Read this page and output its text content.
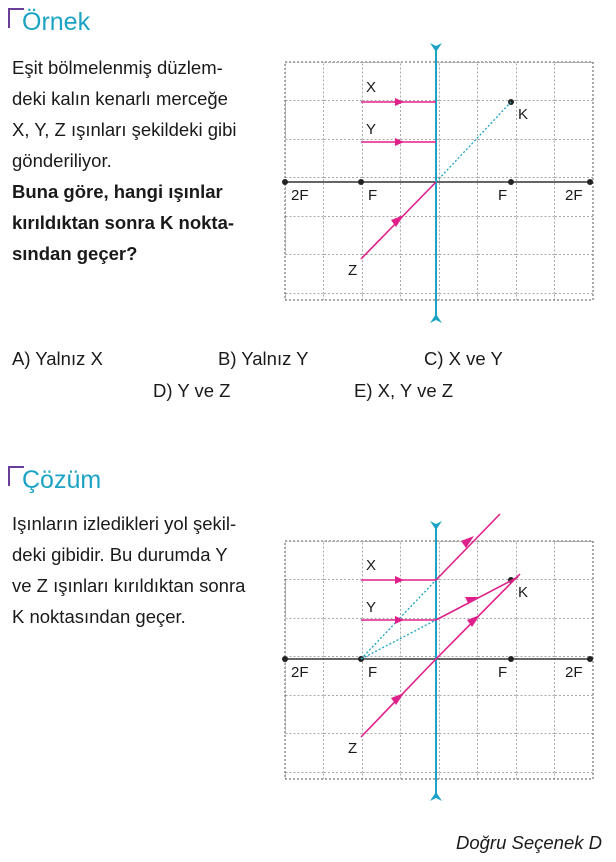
Örnek
Eşit bölmelenmiş düzlem-
deki kalın kenarlı merceğe
X, Y, Z ışınları şekildeki gibi
gönderiliyor.
Buna göre, hangi ışınlar
kırıldıktan sonra K nokta-
sından geçer?
A) Yalnız X	B) Yalnız Y	C) X ve Y
D) Y ve Z	E) X, Y ve Z
Çözüm
Işınların izledikleri yol şekil-
deki gibidir. Bu durumda Y
ve Z ışınları kırıldıktan sonra
K noktasından geçer.
Doğru Seçenek D
X
Y
K
Z
2F	F	F	2F
X
Y
K
Z
2F	F	F	2F
